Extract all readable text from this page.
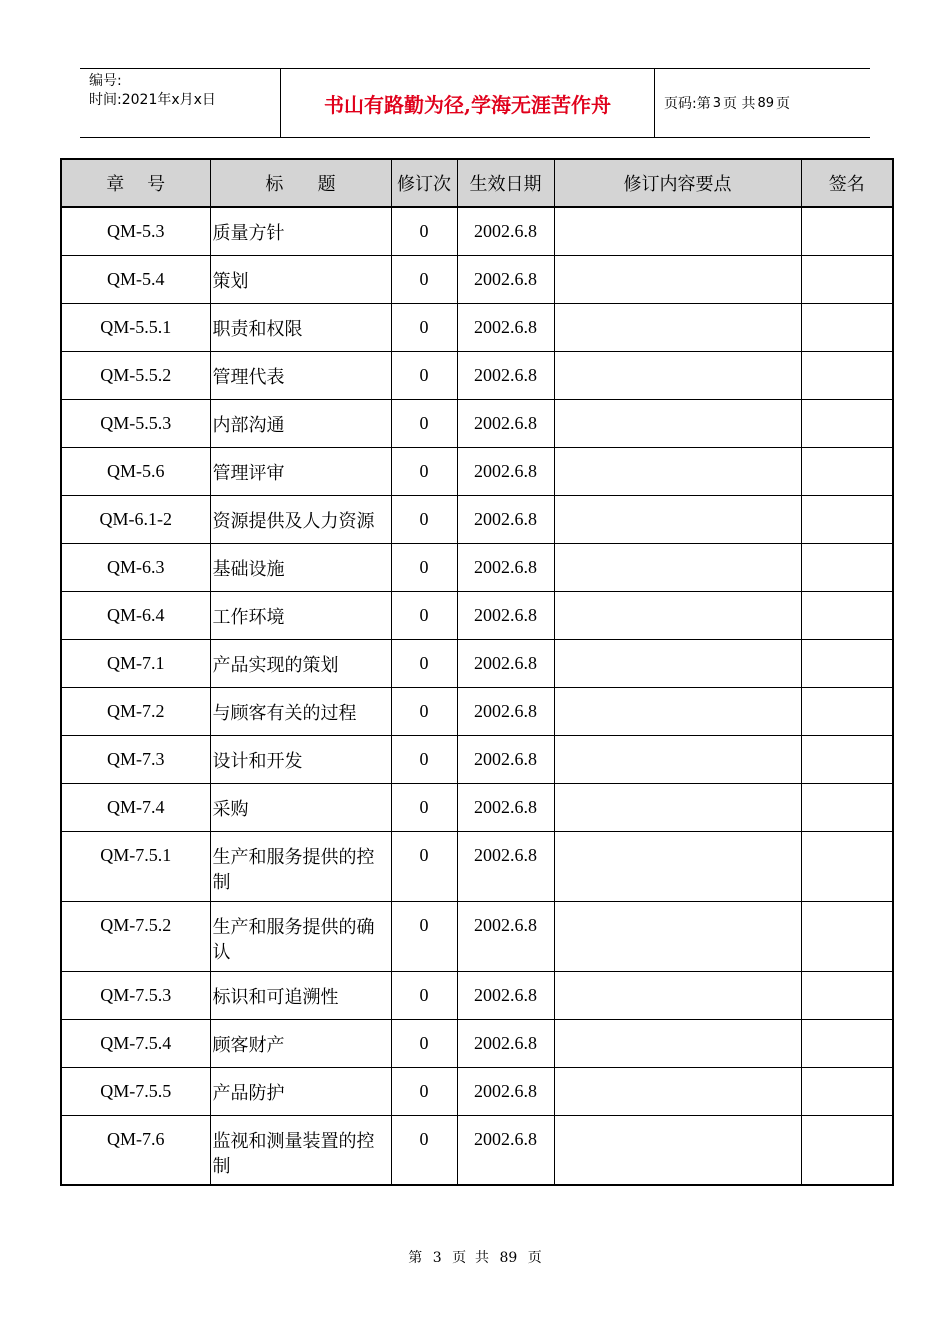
编号:
时间:2021年x月x日	书山有路勤为径,学海无涯苦作舟	页码:第 3 页 共 89 页
章    号	标      题	修订次	生效日期	修订内容要点	签名
QM-5.3	质量方针	0	2002.6.8		
QM-5.4	策划	0	2002.6.8		
QM-5.5.1	职责和权限	0	2002.6.8		
QM-5.5.2	管理代表	0	2002.6.8		
QM-5.5.3	内部沟通	0	2002.6.8		
QM-5.6	管理评审	0	2002.6.8		
QM-6.1-2	资源提供及人力资源	0	2002.6.8		
QM-6.3	基础设施	0	2002.6.8		
QM-6.4	工作环境	0	2002.6.8		
QM-7.1	产品实现的策划	0	2002.6.8		
QM-7.2	与顾客有关的过程	0	2002.6.8		
QM-7.3	设计和开发	0	2002.6.8		
QM-7.4	采购	0	2002.6.8		
QM-7.5.1	生产和服务提供的控制	0	2002.6.8		
QM-7.5.2	生产和服务提供的确认	0	2002.6.8		
QM-7.5.3	标识和可追溯性	0	2002.6.8		
QM-7.5.4	顾客财产	0	2002.6.8		
QM-7.5.5	产品防护	0	2002.6.8		
QM-7.6	监视和测量装置的控制	0	2002.6.8		
第 3 页  共 89 页
